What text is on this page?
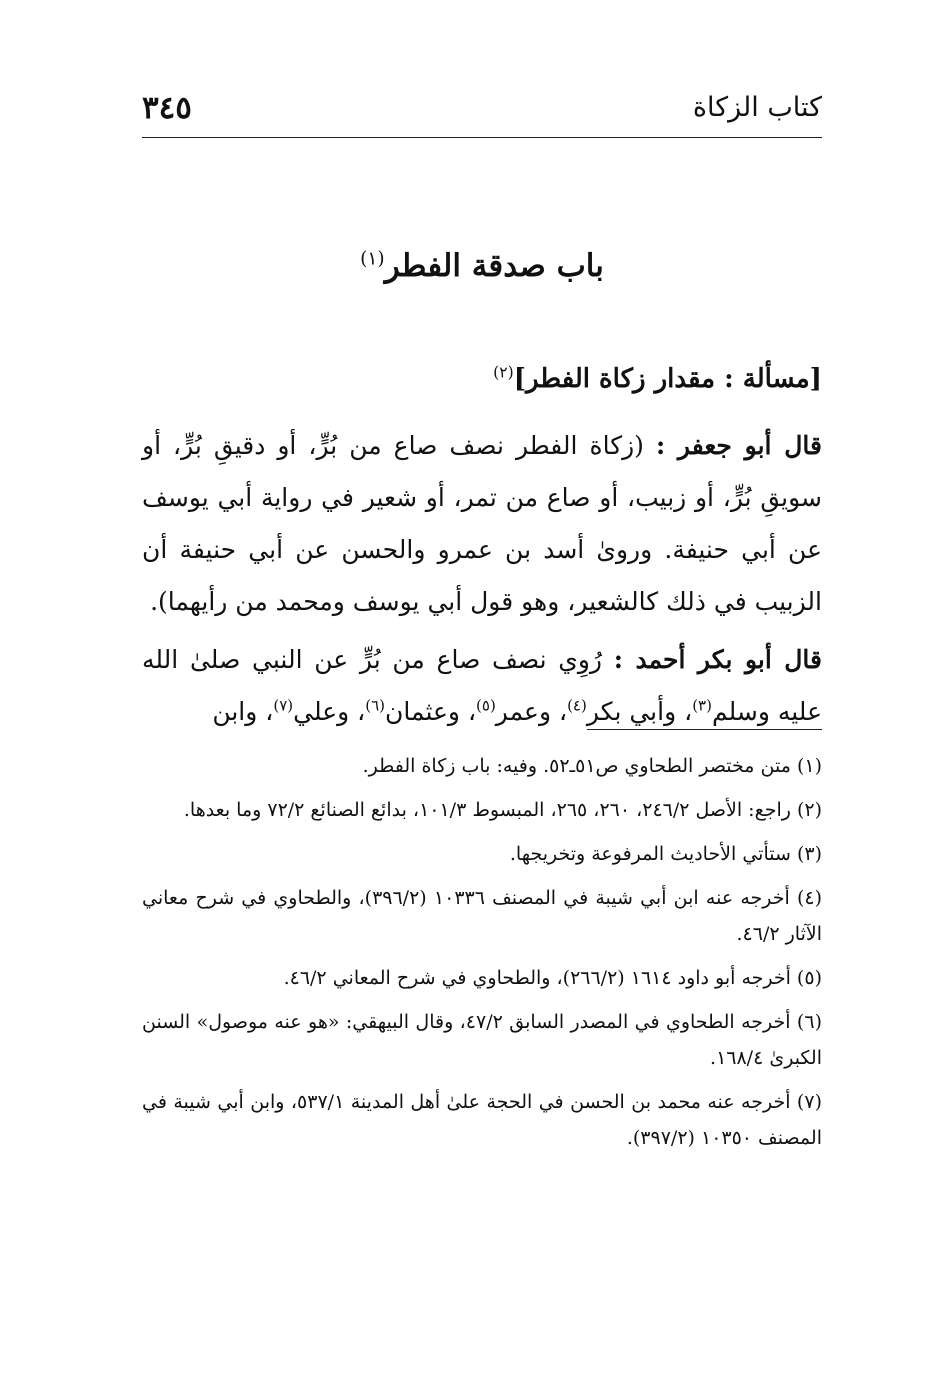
كتاب الزكاة
٣٤٥
باب صدقة الفطر$^{(١)}$
[مسألة : مقدار زكاة الفطر]$^{(٢)}$

قال أبو جعفر : (زكاة الفطر نصف صاع من بُرٍّ، أو دقيقِ بُرٍّ، أو سويقِ بُرٍّ، أو زبيب، أو صاع من تمر، أو شعير في رواية أبي يوسف عن أبي حنيفة. وروىٰ أسد بن عمرو والحسن عن أبي حنيفة أن الزبيب في ذلك كالشعير، وهو قول أبي يوسف ومحمد من رأيهما).

قال أبو بكر أحمد : رُوِي نصف صاع من بُرٍّ عن النبي صلىٰ الله عليه وسلم$^{(٣)}$، وأبي بكر$^{(٤)}$، وعمر$^{(٥)}$، وعثمان$^{(٦)}$، وعلي$^{(٧)}$، وابن

(١) متن مختصر الطحاوي ص٥١ـ٥٢. وفيه: باب زكاة الفطر.

(٢) راجع: الأصل ٢٤٦/٢، ٢٦٠، ٢٦٥، المبسوط ١٠١/٣، بدائع الصنائع ٧٢/٢ وما بعدها.

(٣) ستأتي الأحاديث المرفوعة وتخريجها.

(٤) أخرجه عنه ابن أبي شيبة في المصنف ١٠٣٣٦ (٣٩٦/٢)، والطحاوي في شرح معاني الآثار ٤٦/٢.

(٥) أخرجه أبو داود ١٦١٤ (٢٦٦/٢)، والطحاوي في شرح المعاني ٤٦/٢.

(٦) أخرجه الطحاوي في المصدر السابق ٤٧/٢، وقال البيهقي: «هو عنه موصول» السنن الكبرىٰ ١٦٨/٤.

(٧) أخرجه عنه محمد بن الحسن في الحجة علىٰ أهل المدينة ٥٣٧/١، وابن أبي شيبة في المصنف ١٠٣٥٠ (٣٩٧/٢).
